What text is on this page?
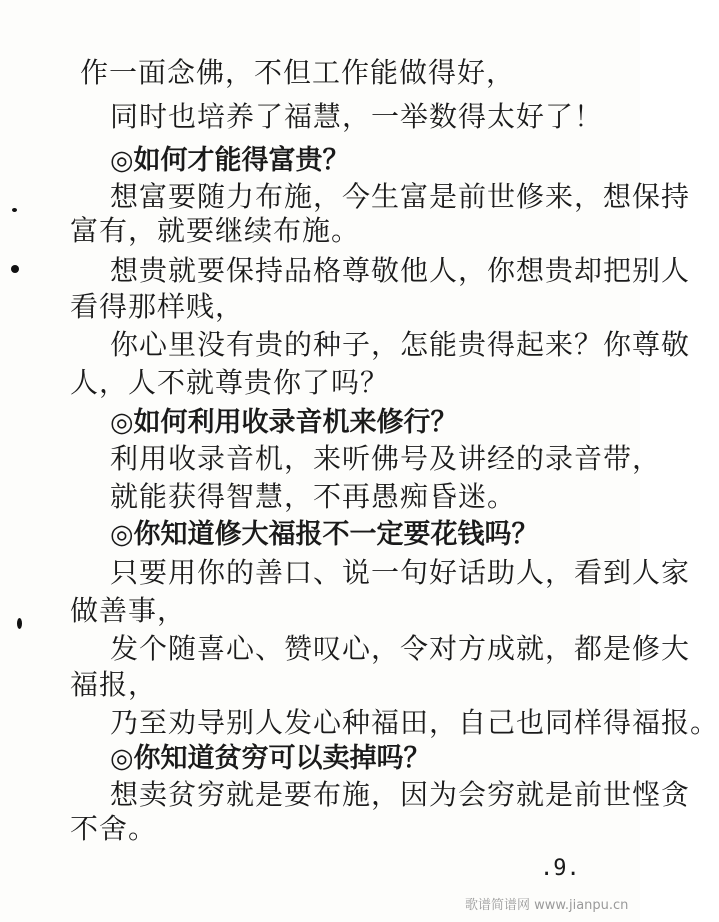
作一面念佛，不但工作能做得好，
同时也培养了福慧，一举数得太好了！
◎如何才能得富贵？
想富要随力布施，今生富是前世修来，想保持
富有，就要继续布施。
想贵就要保持品格尊敬他人，你想贵却把别人
看得那样贱，
你心里没有贵的种子，怎能贵得起来？你尊敬
人，人不就尊贵你了吗？
◎如何利用收录音机来修行？
利用收录音机，来听佛号及讲经的录音带，
就能获得智慧，不再愚痴昏迷。
◎你知道修大福报不一定要花钱吗？
只要用你的善口、说一句好话助人，看到人家
做善事，
发个随喜心、赞叹心，令对方成就，都是修大
福报，
乃至劝导别人发心种福田，自己也同样得福报。
◎你知道贫穷可以卖掉吗？
想卖贫穷就是要布施，因为会穷就是前世悭贪
不舍。
.9.
歌谱简谱网 www.jianpu.cn
